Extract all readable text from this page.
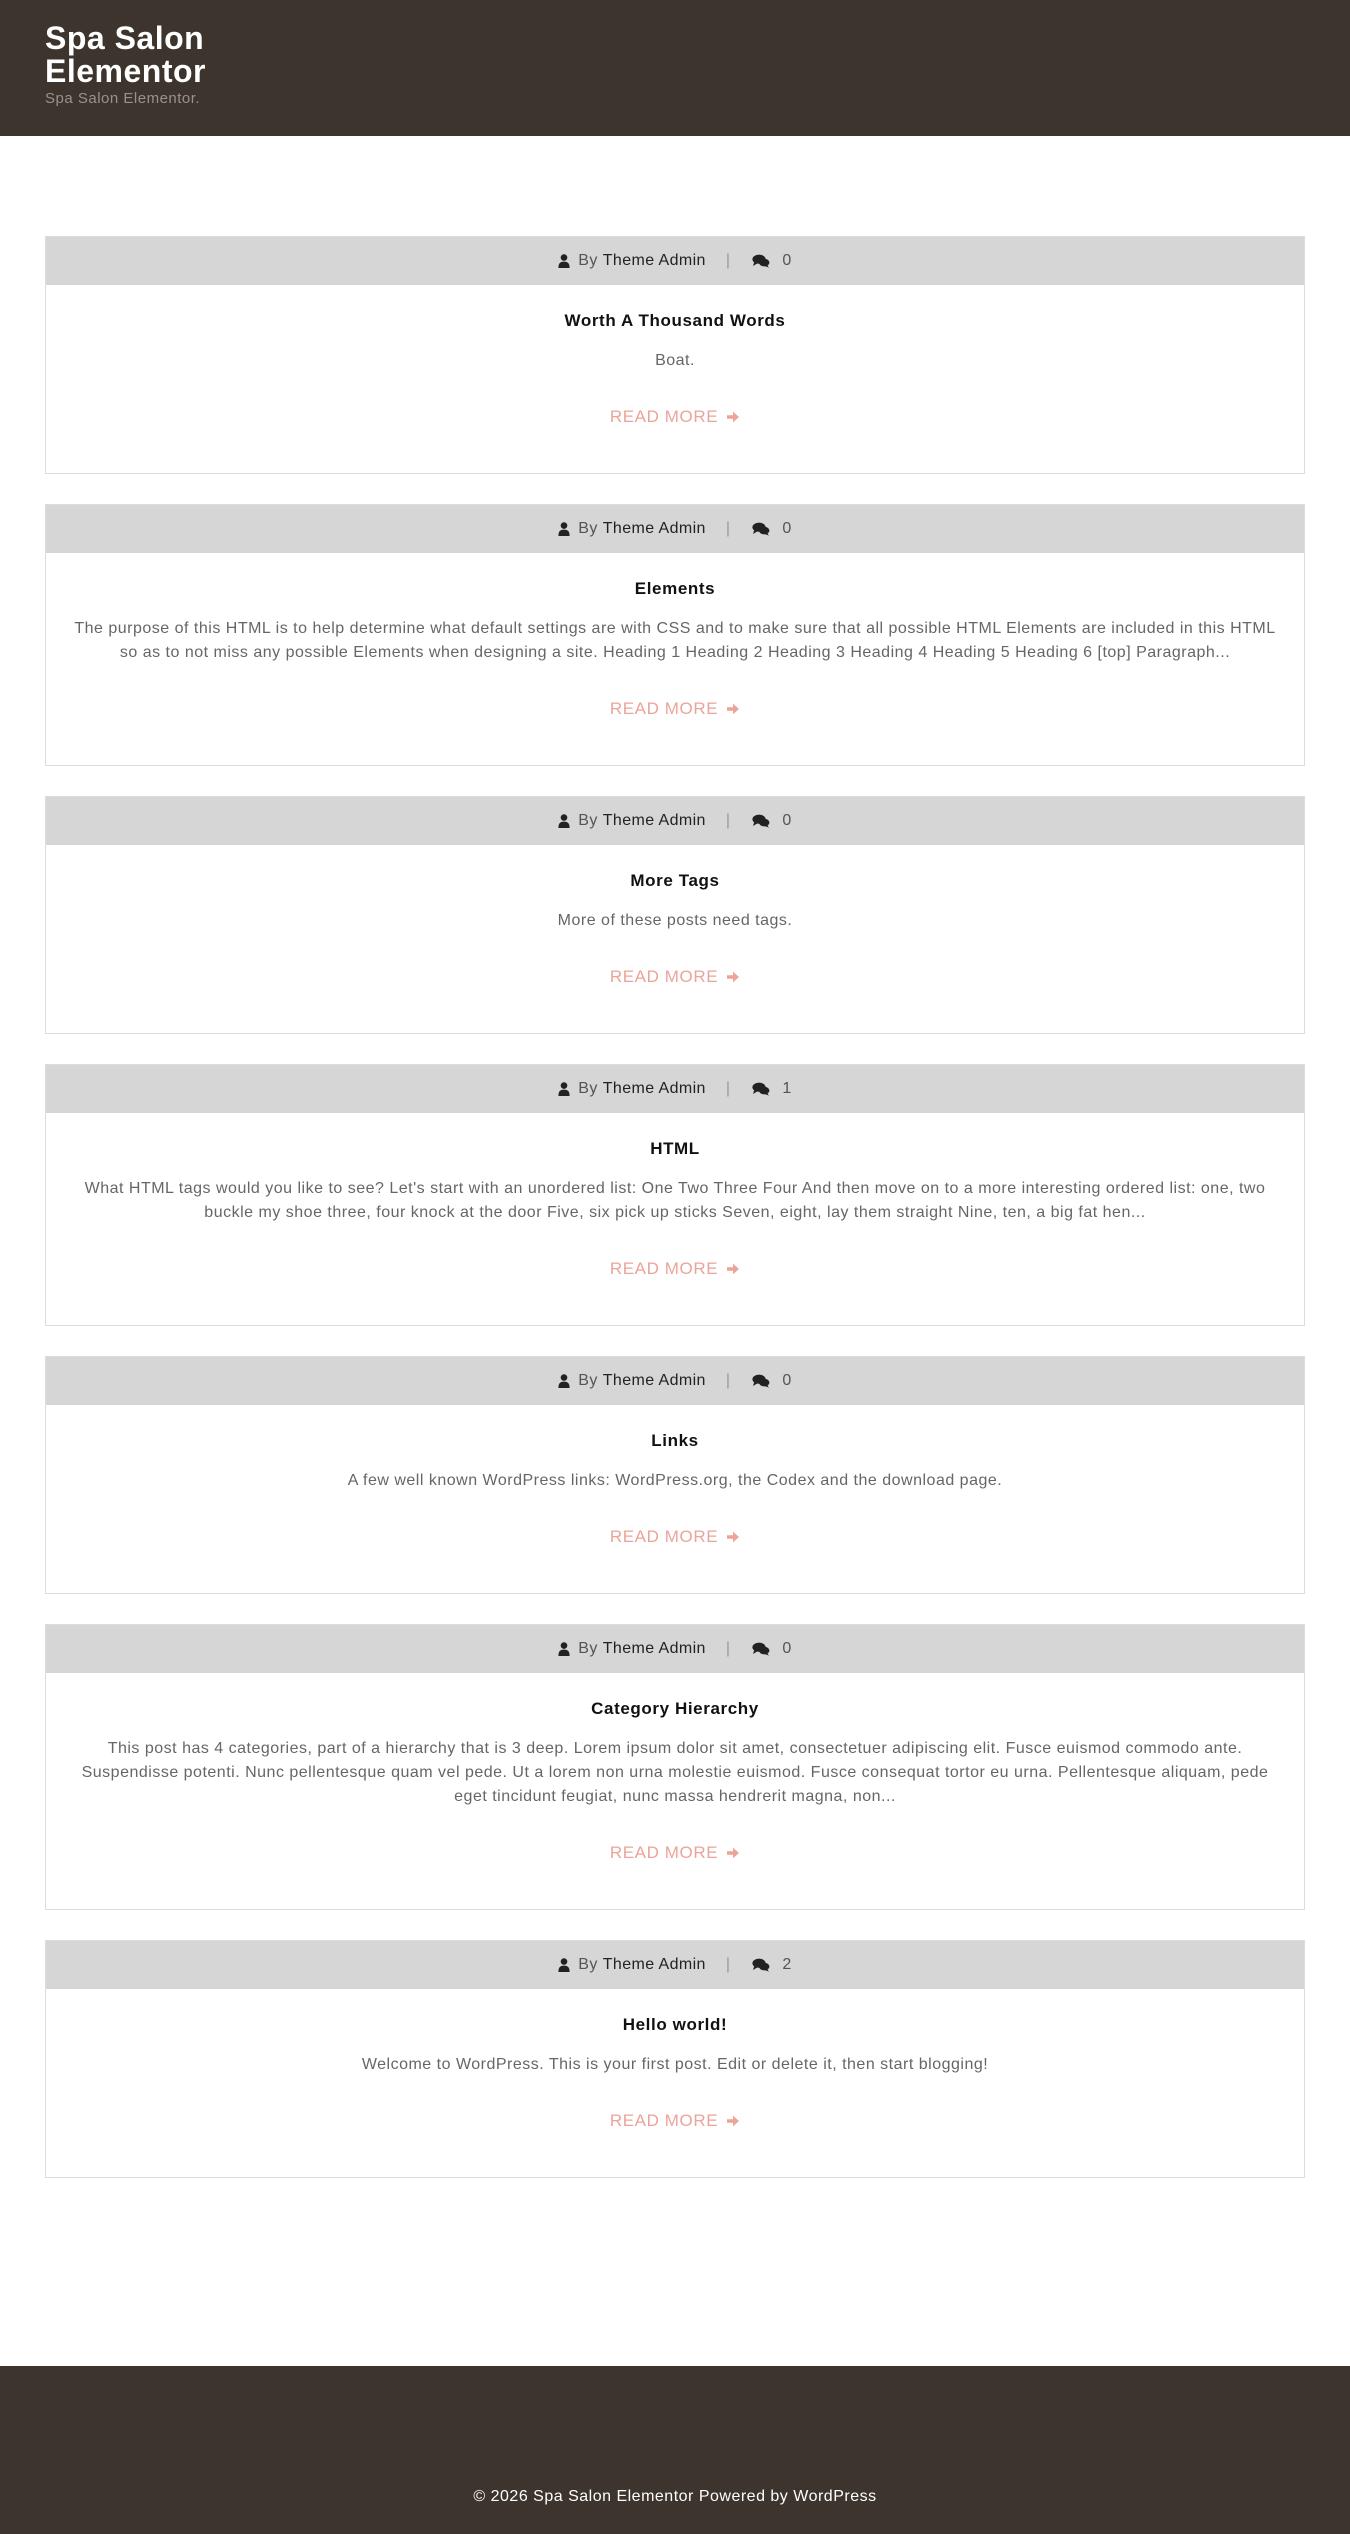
Spa Salon Elementor
Spa Salon Elementor.
By Theme Admin |	0
Worth A Thousand Words

Boat.

READ MORE
By Theme Admin |	0
Elements

The purpose of this HTML is to help determine what default settings are with CSS and to make sure that all possible HTML Elements are included in this HTML so as to not miss any possible Elements when designing a site. Heading 1 Heading 2 Heading 3 Heading 4 Heading 5 Heading 6 [top] Paragraph...

READ MORE
By Theme Admin |	0
More Tags

More of these posts need tags.

READ MORE
By Theme Admin |	1
HTML

What HTML tags would you like to see? Let's start with an unordered list: One Two Three Four And then move on to a more interesting ordered list: one, two buckle my shoe three, four knock at the door Five, six pick up sticks Seven, eight, lay them straight Nine, ten, a big fat hen...

READ MORE
By Theme Admin |	0
Links

A few well known WordPress links: WordPress.org, the Codex and the download page.

READ MORE
By Theme Admin |	0
Category Hierarchy

This post has 4 categories, part of a hierarchy that is 3 deep. Lorem ipsum dolor sit amet, consectetuer adipiscing elit. Fusce euismod commodo ante. Suspendisse potenti. Nunc pellentesque quam vel pede. Ut a lorem non urna molestie euismod. Fusce consequat tortor eu urna. Pellentesque aliquam, pede eget tincidunt feugiat, nunc massa hendrerit magna, non...

READ MORE
By Theme Admin |	2
Hello world!

Welcome to WordPress. This is your first post. Edit or delete it, then start blogging!

READ MORE
© 2026 Spa Salon Elementor Powered by WordPress
